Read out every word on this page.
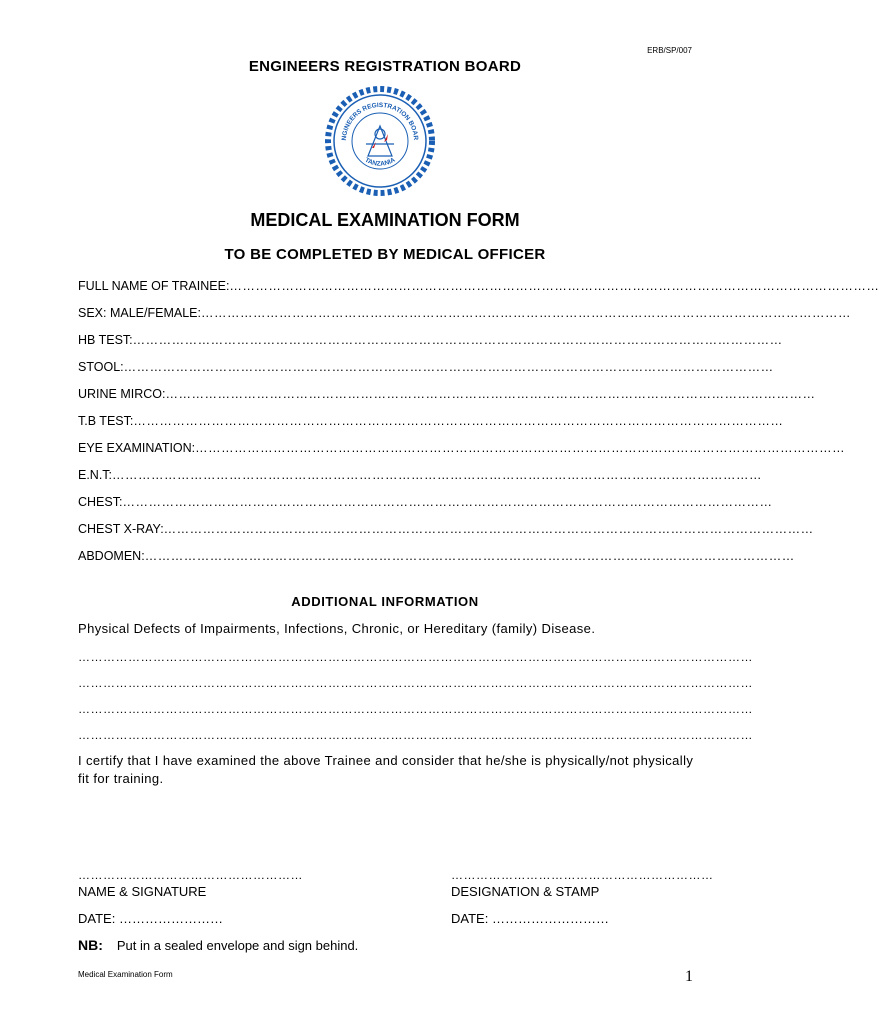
ERB/SP/007
ENGINEERS REGISTRATION BOARD
NGINEERS REGISTRATION BOAR
TANZANIA
MEDICAL EXAMINATION FORM
TO BE COMPLETED BY MEDICAL OFFICER
FULL NAME OF TRAINEE: ……………………………………………………………………………………………………………………………………
SEX: MALE/FEMALE: ……………………………………………………………………………………………………………………………………
HB TEST: ……………………………………………………………………………………………………………………………………
STOOL: ……………………………………………………………………………………………………………………………………
URINE MIRCO: ……………………………………………………………………………………………………………………………………
T.B TEST: ……………………………………………………………………………………………………………………………………
EYE EXAMINATION: ……………………………………………………………………………………………………………………………………
E.N.T: ……………………………………………………………………………………………………………………………………
CHEST: ……………………………………………………………………………………………………………………………………
CHEST X-RAY: ……………………………………………………………………………………………………………………………………
ABDOMEN: ……………………………………………………………………………………………………………………………………
ADDITIONAL INFORMATION
Physical Defects of Impairments, Infections, Chronic, or Hereditary (family) Disease.
………………………………………………………………………………………………………………………………………………
………………………………………………………………………………………………………………………………………………
………………………………………………………………………………………………………………………………………………
………………………………………………………………………………………………………………………………………………
I certify that I have examined the above Trainee and consider that he/she is physically/not physically fit for training.
………………………………………………	………………………………………………………
NAME & SIGNATURE	DESIGNATION & STAMP
DATE: ……………………	DATE: ………………………
NB: Put in a sealed envelope and sign behind.
Medical Examination Form	1
